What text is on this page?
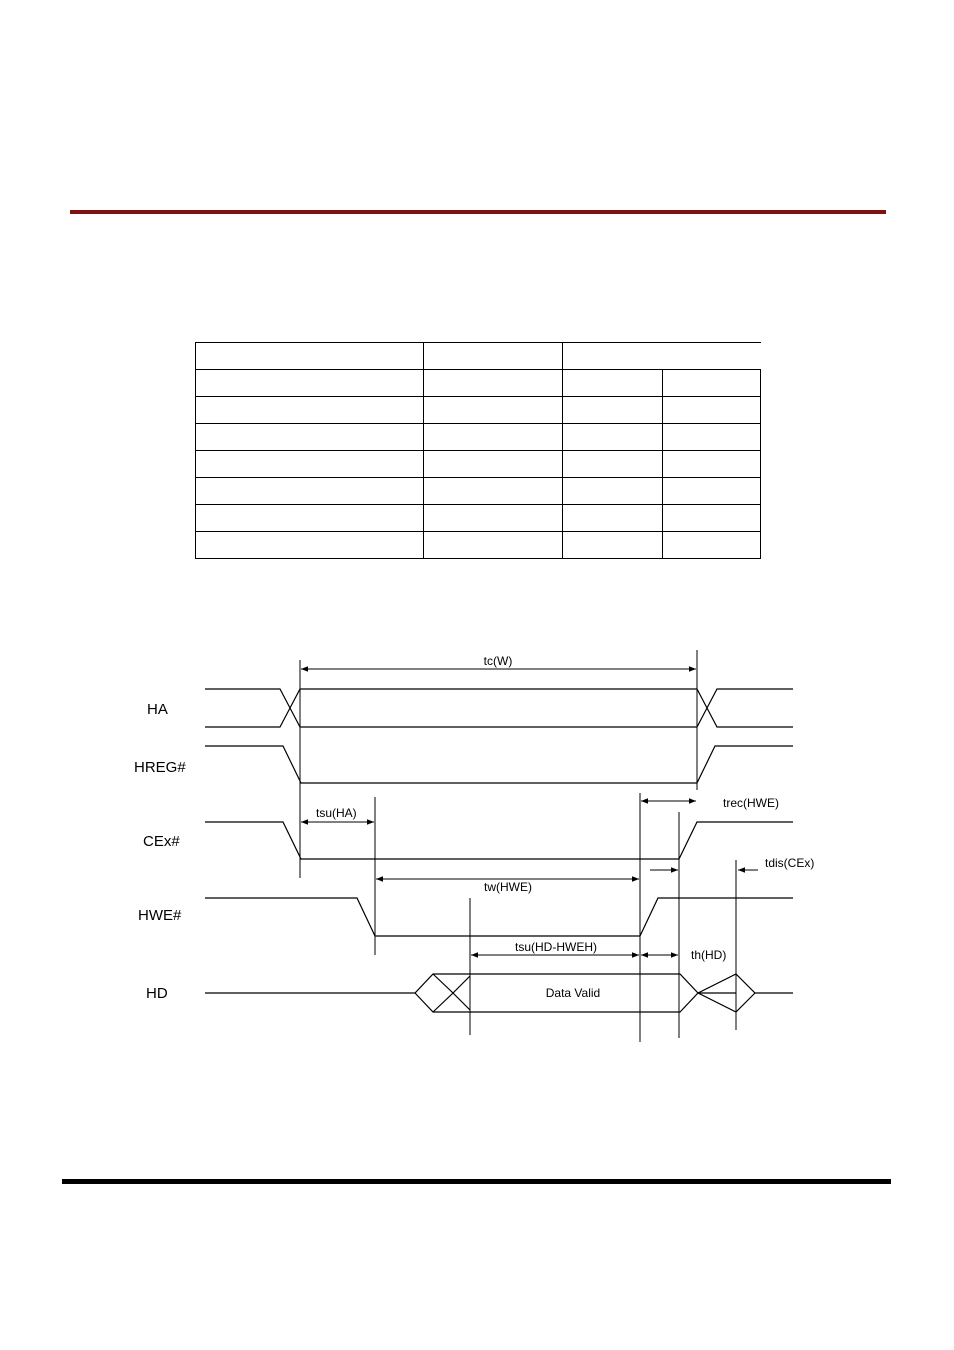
HA
HREG#
CEx#
HWE#
HD
tc(W)
trec(HWE)
tsu(HA)
tdis(CEx)
tw(HWE)
tsu(HD-HWEH)
th(HD)
Data Valid
